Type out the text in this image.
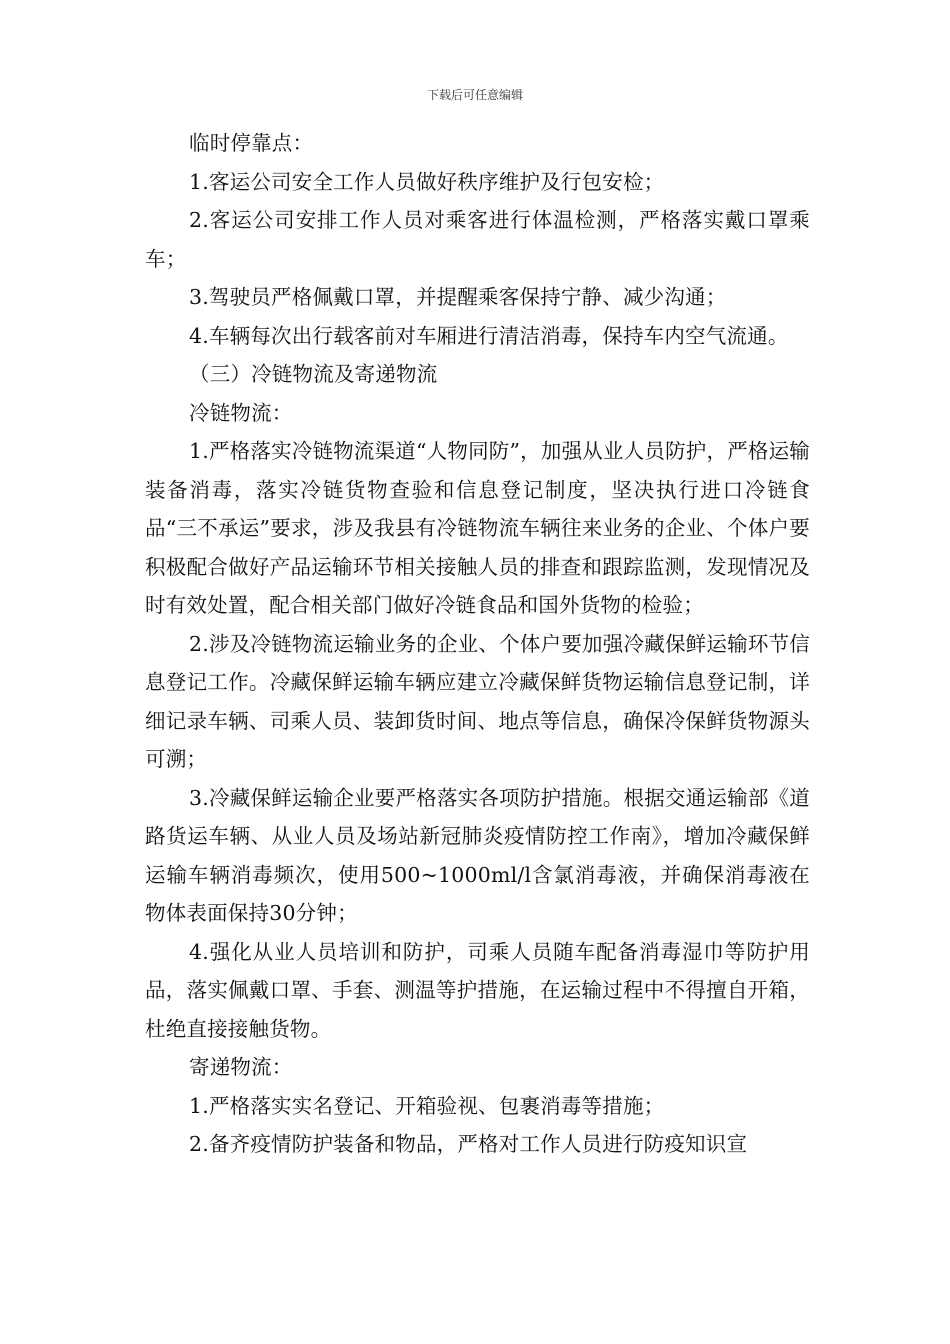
下载后可任意编辑

临时停靠点：

1.客运公司安全工作人员做好秩序维护及行包安检；

2.客运公司安排工作人员对乘客进行体温检测，严格落实戴口罩乘车；

3.驾驶员严格佩戴口罩，并提醒乘客保持宁静、减少沟通；

4.车辆每次出行载客前对车厢进行清洁消毒，保持车内空气流通。

（三）冷链物流及寄递物流

冷链物流：

1.严格落实冷链物流渠道“人物同防”，加强从业人员防护，严格运输装备消毒，落实冷链货物查验和信息登记制度，坚决执行进口冷链食品“三不承运”要求，涉及我县有冷链物流车辆往来业务的企业、个体户要积极配合做好产品运输环节相关接触人员的排查和跟踪监测，发现情况及时有效处置，配合相关部门做好冷链食品和国外货物的检验；

2.涉及冷链物流运输业务的企业、个体户要加强冷藏保鲜运输环节信息登记工作。冷藏保鲜运输车辆应建立冷藏保鲜货物运输信息登记制，详细记录车辆、司乘人员、装卸货时间、地点等信息，确保冷保鲜货物源头可溯；

3.冷藏保鲜运输企业要严格落实各项防护措施。根据交通运输部《道路货运车辆、从业人员及场站新冠肺炎疫情防控工作南》，增加冷藏保鲜运输车辆消毒频次，使用500~1000ml/l含氯消毒液，并确保消毒液在物体表面保持30分钟；

4.强化从业人员培训和防护，司乘人员随车配备消毒湿巾等防护用品，落实佩戴口罩、手套、测温等护措施，在运输过程中不得擅自开箱，杜绝直接接触货物。

寄递物流：

1.严格落实实名登记、开箱验视、包裹消毒等措施；

2.备齐疫情防护装备和物品，严格对工作人员进行防疫知识宣
